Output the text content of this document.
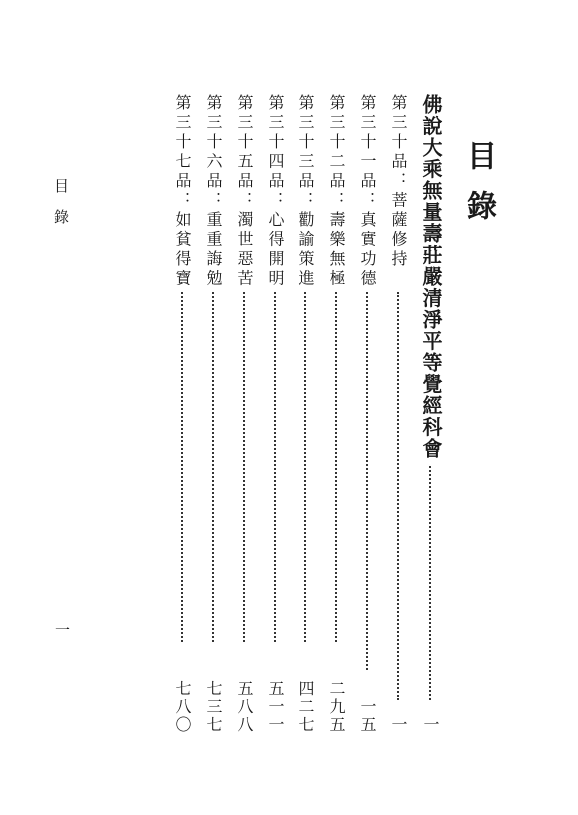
目錄
目錄
一
佛說大乘無量壽莊嚴清淨平等覺經科會
一
第三十品：菩薩修持
一
第三十一品：真實功德
一五
第三十二品：壽樂無極
二九五
第三十三品：勸諭策進
四二七
第三十四品：心得開明
五一一
第三十五品：濁世惡苦
五八八
第三十六品：重重誨勉
七三七
第三十七品：如貧得寶
七八〇
